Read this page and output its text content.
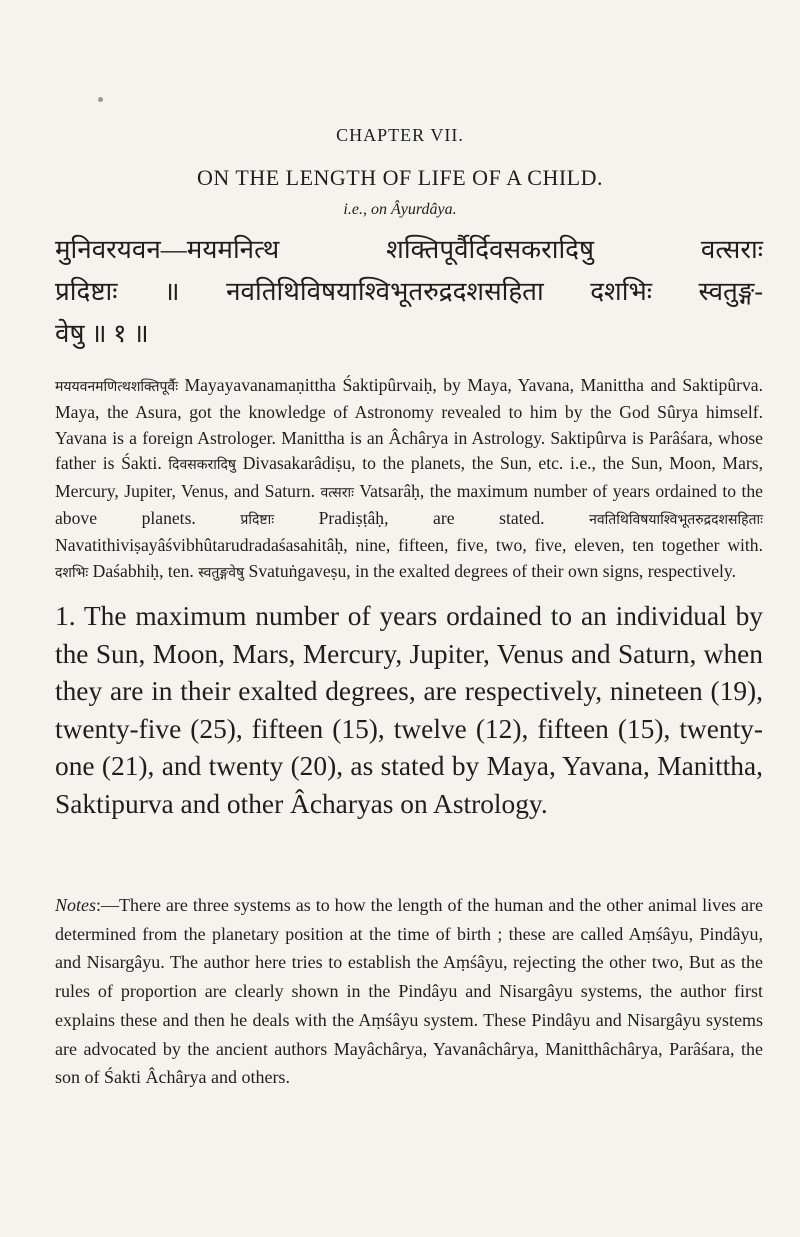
CHAPTER VII.
ON THE LENGTH OF LIFE OF A CHILD.
i.e., on Âyurdâya.
मुनिवरयवन—मयमनित्थ शक्तिपूर्वैर्दिवसकरादिषु वत्सराः
प्रदिष्टाः ॥ नवतिथिविषयाश्विभूतरुद्रदशसहिता दशभिः स्वतुङ्ग-
वेषु ॥ १ ॥
मययवनमणित्थशक्तिपूर्वैः Mayayavanamaṇittha Śaktipûrvaiḥ, by Maya, Yavana, Manittha and Saktipûrva. Maya, the Asura, got the knowledge of Astronomy revealed to him by the God Sûrya himself. Yavana is a foreign Astrologer. Manittha is an Âchârya in Astrology. Saktipûrva is Parâśara, whose father is Śakti. दिवसकरादिषु Divasakarâdiṣu, to the planets, the Sun, etc. i.e., the Sun, Moon, Mars, Mercury, Jupiter, Venus, and Saturn. वत्सराः Vatsarâḥ, the maximum number of years ordained to the above planets. प्रदिष्टाः Pradiṣṭâḥ, are stated. नवतिथिविषयाश्विभूतरुद्रदशसहिताः Navatithiviṣayâśvibhûtarudradaśasahitâḥ, nine, fifteen, five, two, five, eleven, ten together with. दशभिः Daśabhiḥ, ten. स्वतुङ्गवेषु Svatuṅgaveṣu, in the exalted degrees of their own signs, respectively.
1. The maximum number of years ordained to an individual by the Sun, Moon, Mars, Mercury, Jupiter, Venus and Saturn, when they are in their exalted degrees, are respectively, nineteen (19), twenty-five (25), fifteen (15), twelve (12), fifteen (15), twenty-one (21), and twenty (20), as stated by Maya, Yavana, Manittha, Saktipurva and other Âcharyas on Astrology.
Notes:—There are three systems as to how the length of the human and the other animal lives are determined from the planetary position at the time of birth ; these are called Aṃśâyu, Pindâyu, and Nisargâyu. The author here tries to establish the Aṃśâyu, rejecting the other two, But as the rules of proportion are clearly shown in the Pindâyu and Nisargâyu systems, the author first explains these and then he deals with the Aṃśâyu system. These Pindâyu and Nisargâyu systems are advocated by the ancient authors Mayâchârya, Yavanâchârya, Manitthâchârya, Parâśara, the son of Śakti Âchârya and others.
